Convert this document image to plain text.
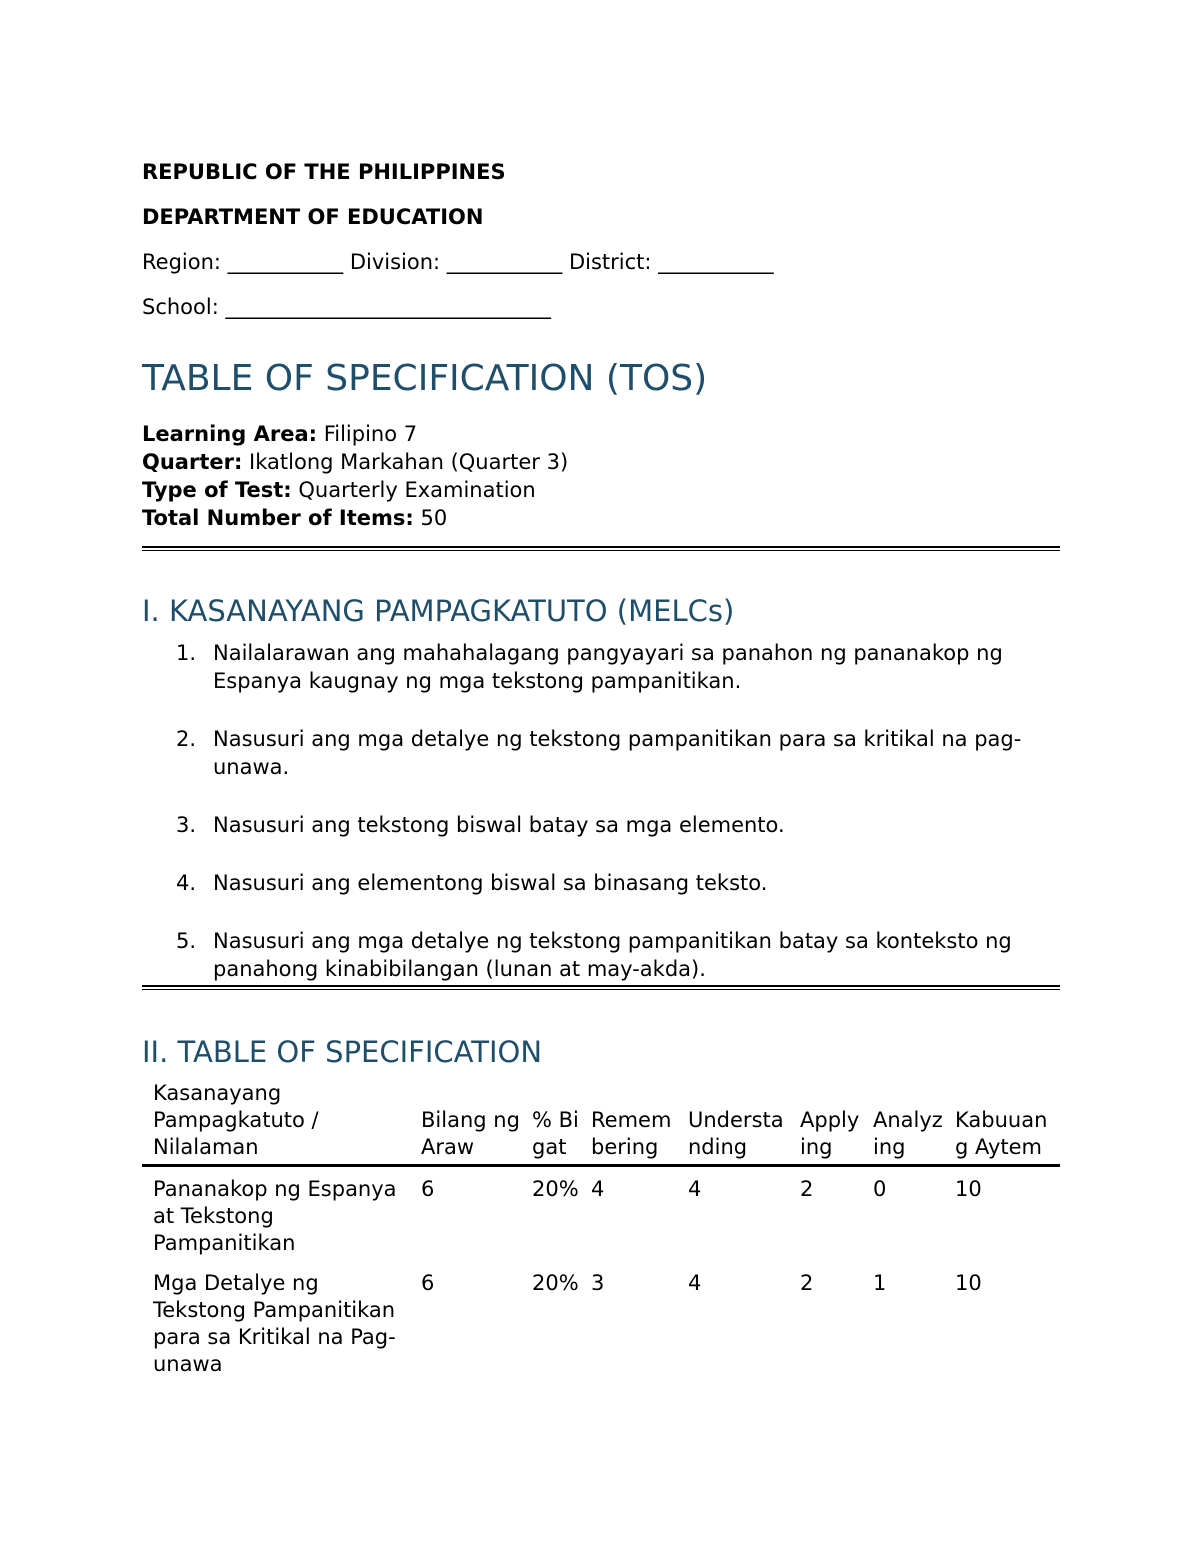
REPUBLIC OF THE PHILIPPINES
DEPARTMENT OF EDUCATION
Region: ___________ Division: ___________ District: ___________
School: _______________________________
TABLE OF SPECIFICATION (TOS)
Learning Area: Filipino 7
Quarter: Ikatlong Markahan (Quarter 3)
Type of Test: Quarterly Examination
Total Number of Items: 50
I. KASANAYANG PAMPAGKATUTO (MELCs)
1. Nailalarawan ang mahahalagang pangyayari sa panahon ng pananakop ng Espanya kaugnay ng mga tekstong pampanitikan.
2. Nasusuri ang mga detalye ng tekstong pampanitikan para sa kritikal na pag-unawa.
3. Nasusuri ang tekstong biswal batay sa mga elemento.
4. Nasusuri ang elementong biswal sa binasang teksto.
5. Nasusuri ang mga detalye ng tekstong pampanitikan batay sa konteksto ng panahong kinabibilangan (lunan at may-akda).
II. TABLE OF SPECIFICATION
Kasanayang Pampagkatuto / Nilalaman	Bilang ng Araw	% Bigat	Remembering	Understanding	Applying	Analyzing	Kabuuang Aytem
Pananakop ng Espanya at Tekstong Pampanitikan	6	20%	4	4	2	0	10
Mga Detalye ng Tekstong Pampanitikan para sa Kritikal na Pag-unawa	6	20%	3	4	2	1	10
